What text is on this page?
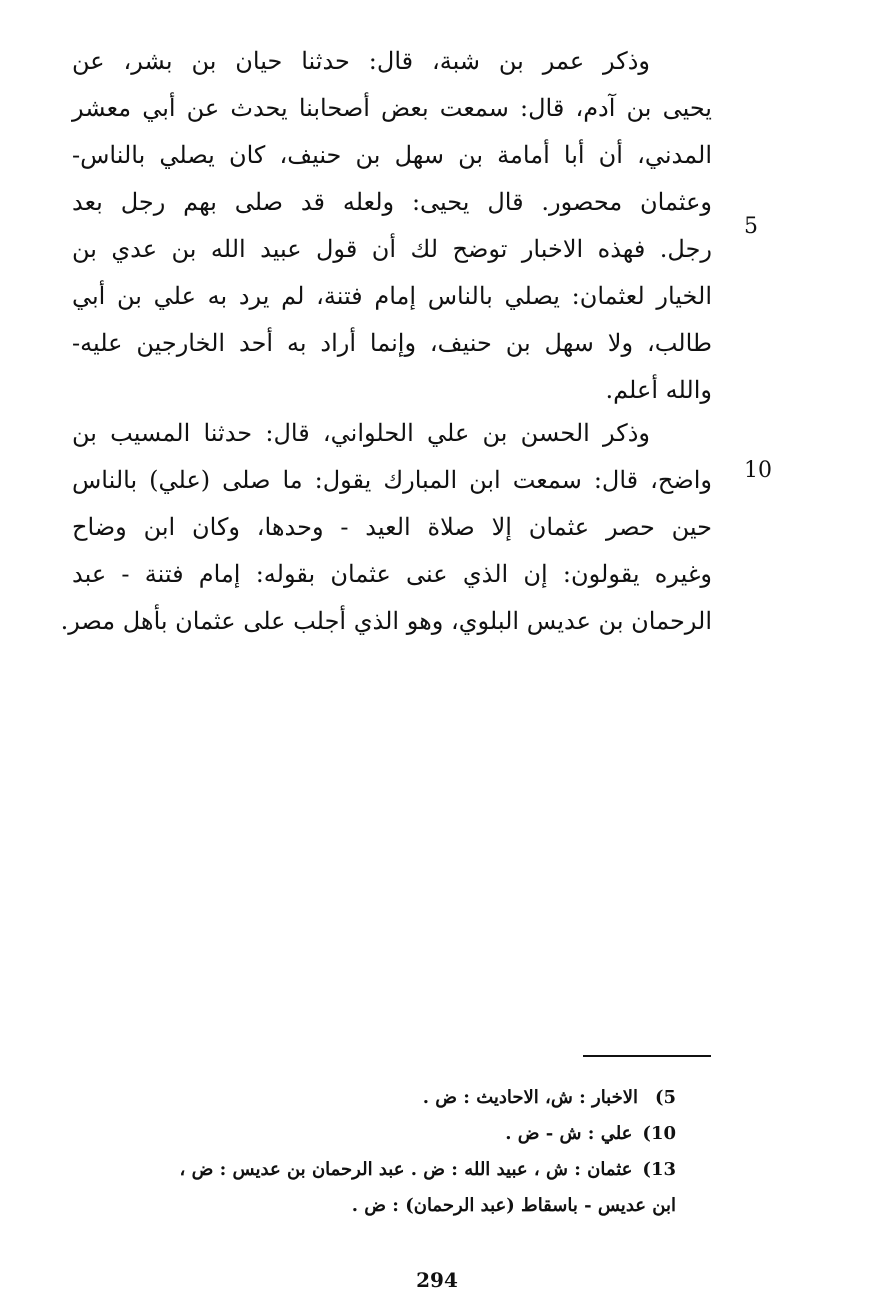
وذكر عمر بن شبة، قال: حدثنا حيان بن بشر، عن
يحيى بن آدم، قال: سمعت بعض أصحابنا يحدث عن أبي معشر
المدني، أن أبا أمامة بن سهل بن حنيف، كان يصلي بالناس-
وعثمان محصور. قال يحيى: ولعله قد صلى بهم رجل بعد
رجل. فهذه الاخبار توضح لك أن قول عبيد الله بن عدي بن
الخيار لعثمان: يصلي بالناس إمام فتنة، لم يرد به علي بن أبي
طالب، ولا سهل بن حنيف، وإنما أراد به أحد الخارجين عليه-
والله أعلم.
وذكر الحسن بن علي الحلواني، قال: حدثنا المسيب بن
واضح، قال: سمعت ابن المبارك يقول: ما صلى (علي) بالناس
حين حصر عثمان إلا صلاة العيد - وحدها، وكان ابن وضاح
وغيره يقولون: إن الذي عنى عثمان بقوله: إمام فتنة - عبد
الرحمان بن عديس البلوي، وهو الذي أجلب على عثمان بأهل مصر.
5
10
5)الاخبار : ش، الاحاديث : ض .
10)علي : ش - ض .
13)عثمان : ش ، عبيد الله : ض . عبد الرحمان بن عديس : ض ،
ابن عديس - باسقاط (عبد الرحمان) : ض .
294
